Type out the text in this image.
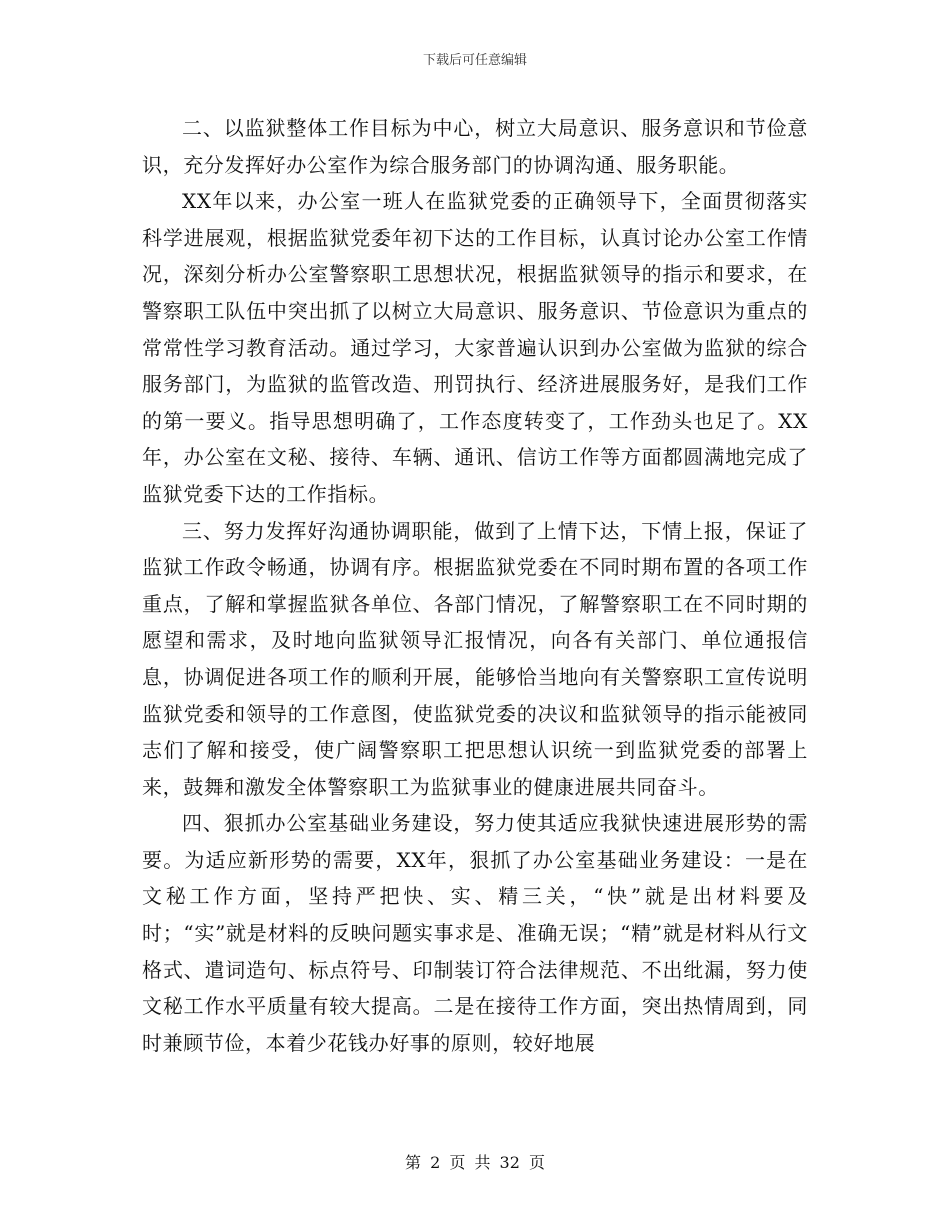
下载后可任意编辑

二、以监狱整体工作目标为中心，树立大局意识、服务意识和节俭意识，充分发挥好办公室作为综合服务部门的协调沟通、服务职能。

XX年以来，办公室一班人在监狱党委的正确领导下，全面贯彻落实科学进展观，根据监狱党委年初下达的工作目标，认真讨论办公室工作情况，深刻分析办公室警察职工思想状况，根据监狱领导的指示和要求，在警察职工队伍中突出抓了以树立大局意识、服务意识、节俭意识为重点的常常性学习教育活动。通过学习，大家普遍认识到办公室做为监狱的综合服务部门，为监狱的监管改造、刑罚执行、经济进展服务好，是我们工作的第一要义。指导思想明确了，工作态度转变了，工作劲头也足了。XX年，办公室在文秘、接待、车辆、通讯、信访工作等方面都圆满地完成了监狱党委下达的工作指标。

三、努力发挥好沟通协调职能，做到了上情下达，下情上报，保证了监狱工作政令畅通，协调有序。根据监狱党委在不同时期布置的各项工作重点，了解和掌握监狱各单位、各部门情况，了解警察职工在不同时期的愿望和需求，及时地向监狱领导汇报情况，向各有关部门、单位通报信息，协调促进各项工作的顺利开展，能够恰当地向有关警察职工宣传说明监狱党委和领导的工作意图，使监狱党委的决议和监狱领导的指示能被同志们了解和接受，使广阔警察职工把思想认识统一到监狱党委的部署上来，鼓舞和激发全体警察职工为监狱事业的健康进展共同奋斗。

四、狠抓办公室基础业务建设，努力使其适应我狱快速进展形势的需要。为适应新形势的需要，XX年，狠抓了办公室基础业务建设：一是在文秘工作方面，坚持严把快、实、精三关，“快”就是出材料要及时；“实”就是材料的反映问题实事求是、准确无误；“精”就是材料从行文格式、遣词造句、标点符号、印制装订符合法律规范、不出纰漏，努力使文秘工作水平质量有较大提高。二是在接待工作方面，突出热情周到，同时兼顾节俭，本着少花钱办好事的原则，较好地展

第 2 页 共 32 页
